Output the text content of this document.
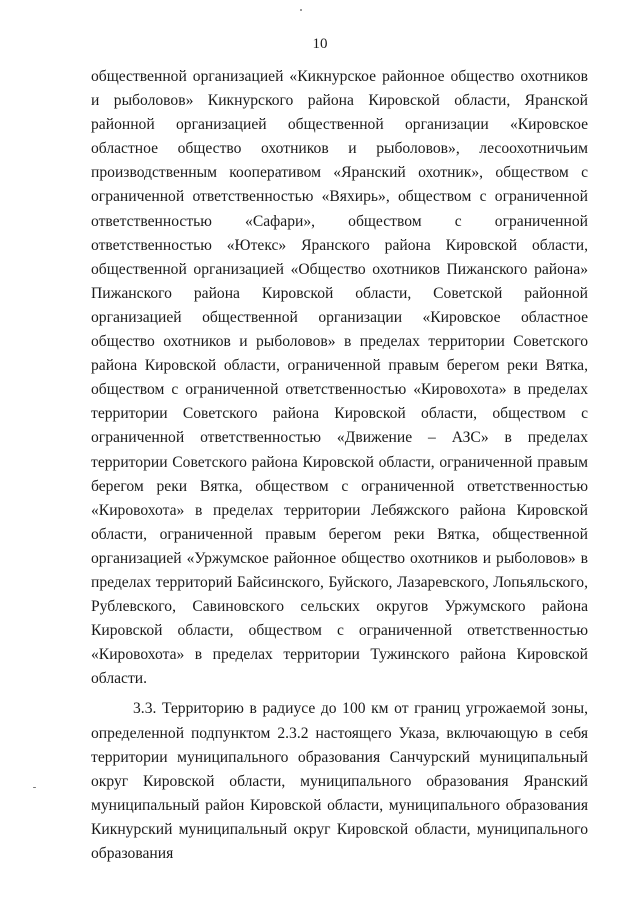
10

общественной организацией «Кикнурское районное общество охотников и рыболовов» Кикнурского района Кировской области, Яранской районной организацией общественной организации «Кировское областное общество охотников и рыболовов», лесоохотничьим производственным кооперативом «Яранский охотник», обществом с ограниченной ответственностью «Вяхирь», обществом с ограниченной ответственностью «Сафари», обществом с ограниченной ответственностью «Ютекс» Яранского района Кировской области, общественной организацией «Общество охотников Пижанского района» Пижанского района Кировской области, Советской районной организацией общественной организации «Кировское областное общество охотников и рыболовов» в пределах территории Советского района Кировской области, ограниченной правым берегом реки Вятка, обществом с ограниченной ответственностью «Кировохота» в пределах территории Советского района Кировской области, обществом с ограниченной ответственностью «Движение – АЗС» в пределах территории Советского района Кировской области, ограниченной правым берегом реки Вятка, обществом с ограниченной ответственностью «Кировохота» в пределах территории Лебяжского района Кировской области, ограниченной правым берегом реки Вятка, общественной организацией «Уржумское районное общество охотников и рыболовов» в пределах территорий Байсинского, Буйского, Лазаревского, Лопьяльского, Рублевского, Савиновского сельских округов Уржумского района Кировской области, обществом с ограниченной ответственностью «Кировохота» в пределах территории Тужинского района Кировской области.

3.3. Территорию в радиусе до 100 км от границ угрожаемой зоны, определенной подпунктом 2.3.2 настоящего Указа, включающую в себя территории муниципального образования Санчурский муниципальный округ Кировской области, муниципального образования Яранский муниципальный район Кировской области, муниципального образования Кикнурский муниципальный округ Кировской области, муниципального образования
